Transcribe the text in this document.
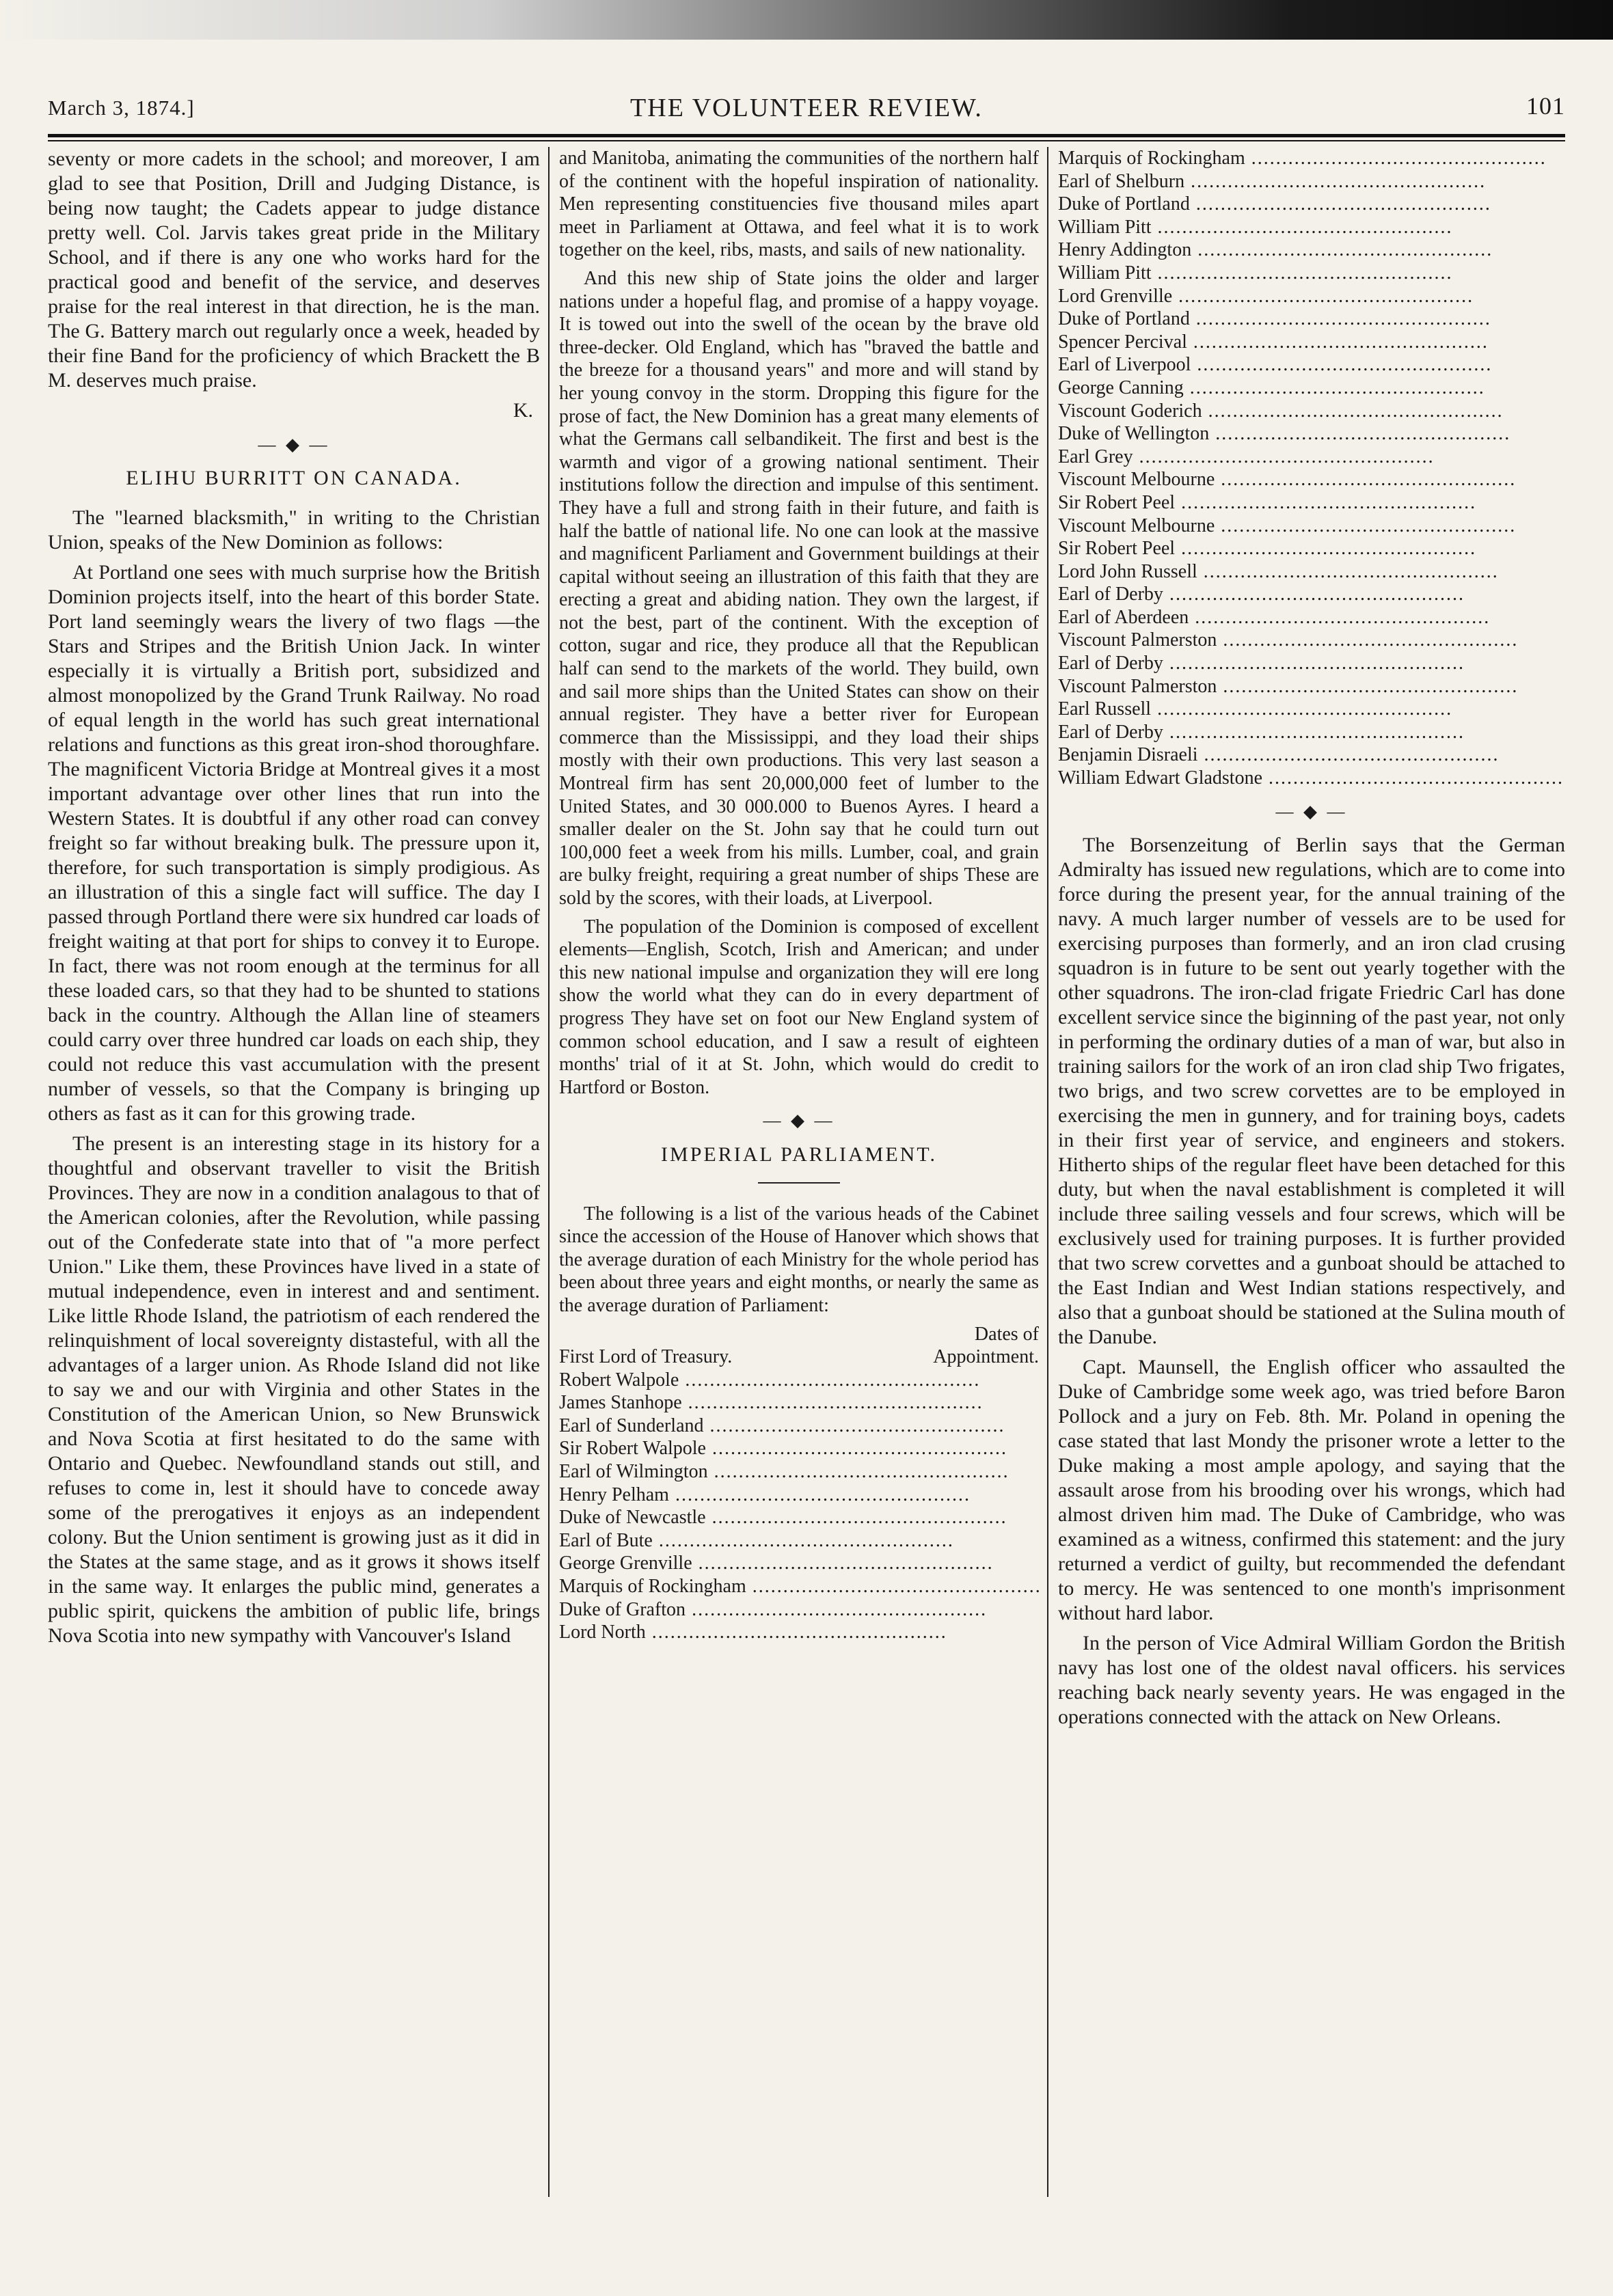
March 3, 1874.]	THE VOLUNTEER REVIEW.	101

seventy or more cadets in the school; and moreover, I am glad to see that Position, Drill and Judging Distance, is being now taught; the Cadets appear to judge distance pretty well. Col. Jarvis takes great pride in the Military School, and if there is any one who works hard for the practical good and benefit of the service, and deserves praise for the real interest in that direction, he is the man. The G. Battery march out regularly once a week, headed by their fine Band for the proficiency of which Brackett the B M. deserves much praise.

K.
— ◆ —
ELIHU BURRITT ON CANADA.

The "learned blacksmith," in writing to the Christian Union, speaks of the New Dominion as follows:

At Portland one sees with much surprise how the British Dominion projects itself, into the heart of this border State. Port land seemingly wears the livery of two flags —the Stars and Stripes and the British Union Jack. In winter especially it is virtually a British port, subsidized and almost monopolized by the Grand Trunk Railway. No road of equal length in the world has such great international relations and functions as this great iron-shod thoroughfare. The magnificent Victoria Bridge at Montreal gives it a most important advantage over other lines that run into the Western States. It is doubtful if any other road can convey freight so far without breaking bulk. The pressure upon it, therefore, for such transportation is simply prodigious. As an illustration of this a single fact will suffice. The day I passed through Portland there were six hundred car loads of freight waiting at that port for ships to convey it to Europe. In fact, there was not room enough at the terminus for all these loaded cars, so that they had to be shunted to stations back in the country. Although the Allan line of steamers could carry over three hundred car loads on each ship, they could not reduce this vast accumulation with the present number of vessels, so that the Company is bringing up others as fast as it can for this growing trade.

The present is an interesting stage in its history for a thoughtful and observant traveller to visit the British Provinces. They are now in a condition analagous to that of the American colonies, after the Revolution, while passing out of the Confederate state into that of "a more perfect Union." Like them, these Provinces have lived in a state of mutual independence, even in interest and and sentiment. Like little Rhode Island, the patriotism of each rendered the relinquishment of local sovereignty distasteful, with all the advantages of a larger union. As Rhode Island did not like to say we and our with Virginia and other States in the Constitution of the American Union, so New Brunswick and Nova Scotia at first hesitated to do the same with Ontario and Quebec. Newfoundland stands out still, and refuses to come in, lest it should have to concede away some of the prerogatives it enjoys as an independent colony. But the Union sentiment is growing just as it did in the States at the same stage, and as it grows it shows itself in the same way. It enlarges the public mind, generates a public spirit, quickens the ambition of public life, brings Nova Scotia into new sympathy with Vancouver's Island

and Manitoba, animating the communities of the northern half of the continent with the hopeful inspiration of nationality. Men representing constituencies five thousand miles apart meet in Parliament at Ottawa, and feel what it is to work together on the keel, ribs, masts, and sails of new nationality.

And this new ship of State joins the older and larger nations under a hopeful flag, and promise of a happy voyage. It is towed out into the swell of the ocean by the brave old three-decker. Old England, which has "braved the battle and the breeze for a thousand years" and more and will stand by her young convoy in the storm. Dropping this figure for the prose of fact, the New Dominion has a great many elements of what the Germans call selbandikeit. The first and best is the warmth and vigor of a growing national sentiment. Their institutions follow the direction and impulse of this sentiment. They have a full and strong faith in their future, and faith is half the battle of national life. No one can look at the massive and magnificent Parliament and Government buildings at their capital without seeing an illustration of this faith that they are erecting a great and abiding nation. They own the largest, if not the best, part of the continent. With the exception of cotton, sugar and rice, they produce all that the Republican half can send to the markets of the world. They build, own and sail more ships than the United States can show on their annual register. They have a better river for European commerce than the Mississippi, and they load their ships mostly with their own productions. This very last season a Montreal firm has sent 20,000,000 feet of lumber to the United States, and 30 000.000 to Buenos Ayres. I heard a smaller dealer on the St. John say that he could turn out 100,000 feet a week from his mills. Lumber, coal, and grain are bulky freight, requiring a great number of ships These are sold by the scores, with their loads, at Liverpool.

The population of the Dominion is composed of excellent elements—English, Scotch, Irish and American; and under this new national impulse and organization they will ere long show the world what they can do in every department of progress They have set on foot our New England system of common school education, and I saw a result of eighteen months' trial of it at St. John, which would do credit to Hartford or Boston.

— ◆ —
IMPERIAL PARLIAMENT.

The following is a list of the various heads of the Cabinet since the accession of the House of Hanover which shows that the average duration of each Ministry for the whole period has been about three years and eight months, or nearly the same as the average duration of Parliament:

Dates of
First Lord of Treasury.	Appointment.
Robert Walpole .....			
James Stanhope .....			
Earl of Sunderland .....			
Sir Robert Walpole .....			
Earl of Wilmington .....			
Henry Pelham .....			
Duke of Newcastle .....			
Earl of Bute .....			
George Grenville .....			
Marquis of Rockingham .....			
Duke of Grafton .....			
Lord North .....			
Marquis of Rockingham .....			
Earl of Shelburn .....			
Duke of Portland .....			
William Pitt .....			
Henry Addington .....			
William Pitt .....			
Lord Grenville .....			
Duke of Portland .....			
Spencer Percival .....			
Earl of Liverpool .....			
George Canning .....			
Viscount Goderich .....			
Duke of Wellington .....			
Earl Grey .....			
Viscount Melbourne .....			
Sir Robert Peel .....			
Viscount Melbourne .....			
Sir Robert Peel .....			
Lord John Russell .....			
Earl of Derby .....			
Earl of Aberdeen .....			
Viscount Palmerston .....			
Earl of Derby .....			
Viscount Palmerston .....			
Earl Russell .....			
Earl of Derby .....			
Benjamin Disraeli .....			
William Edwart Gladstone .....			
— ◆ —

The Borsenzeitung of Berlin says that the German Admiralty has issued new regulations, which are to come into force during the present year, for the annual training of the navy. A much larger number of vessels are to be used for exercising purposes than formerly, and an iron clad crusing squadron is in future to be sent out yearly together with the other squadrons. The iron-clad frigate Friedric Carl has done excellent service since the biginning of the past year, not only in performing the ordinary duties of a man of war, but also in training sailors for the work of an iron clad ship Two frigates, two brigs, and two screw corvettes are to be employed in exercising the men in gunnery, and for training boys, cadets in their first year of service, and engineers and stokers. Hitherto ships of the regular fleet have been detached for this duty, but when the naval establishment is completed it will include three sailing vessels and four screws, which will be exclusively used for training purposes. It is further provided that two screw corvettes and a gunboat should be attached to the East Indian and West Indian stations respectively, and also that a gunboat should be stationed at the Sulina mouth of the Danube.

Capt. Maunsell, the English officer who assaulted the Duke of Cambridge some week ago, was tried before Baron Pollock and a jury on Feb. 8th. Mr. Poland in opening the case stated that last Mondy the prisoner wrote a letter to the Duke making a most ample apology, and saying that the assault arose from his brooding over his wrongs, which had almost driven him mad. The Duke of Cambridge, who was examined as a witness, confirmed this statement: and the jury returned a verdict of guilty, but recommended the defendant to mercy. He was sentenced to one month's imprisonment without hard labor.

In the person of Vice Admiral William Gordon the British navy has lost one of the oldest naval officers. his services reaching back nearly seventy years. He was engaged in the operations connected with the attack on New Orleans.
